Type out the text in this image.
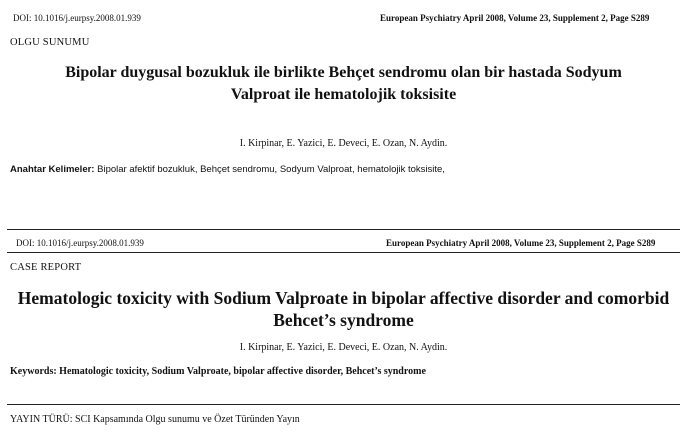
DOI: 10.1016/j.eurpsy.2008.01.939	European Psychiatry April 2008, Volume 23, Supplement 2, Page S289
OLGU SUNUMU
Bipolar duygusal bozukluk ile birlikte Behçet sendromu olan bir hastada Sodyum
Valproat ile hematolojik toksisite
I. Kirpinar, E. Yazici, E. Deveci, E. Ozan, N. Aydin.
Anahtar Kelimeler: Bipolar afektif bozukluk, Behçet sendromu, Sodyum Valproat, hematolojik toksisite,
DOI: 10.1016/j.eurpsy.2008.01.939	European Psychiatry April 2008, Volume 23, Supplement 2, Page S289
CASE REPORT
Hematologic toxicity with Sodium Valproate in bipolar affective disorder and comorbid
Behcet’s syndrome
I. Kirpinar, E. Yazici, E. Deveci, E. Ozan, N. Aydin.
Keywords: Hematologic toxicity, Sodium Valproate, bipolar affective disorder, Behcet’s syndrome
YAYIN TÜRÜ: SCI Kapsamında Olgu sunumu ve Özet Türünden Yayın
